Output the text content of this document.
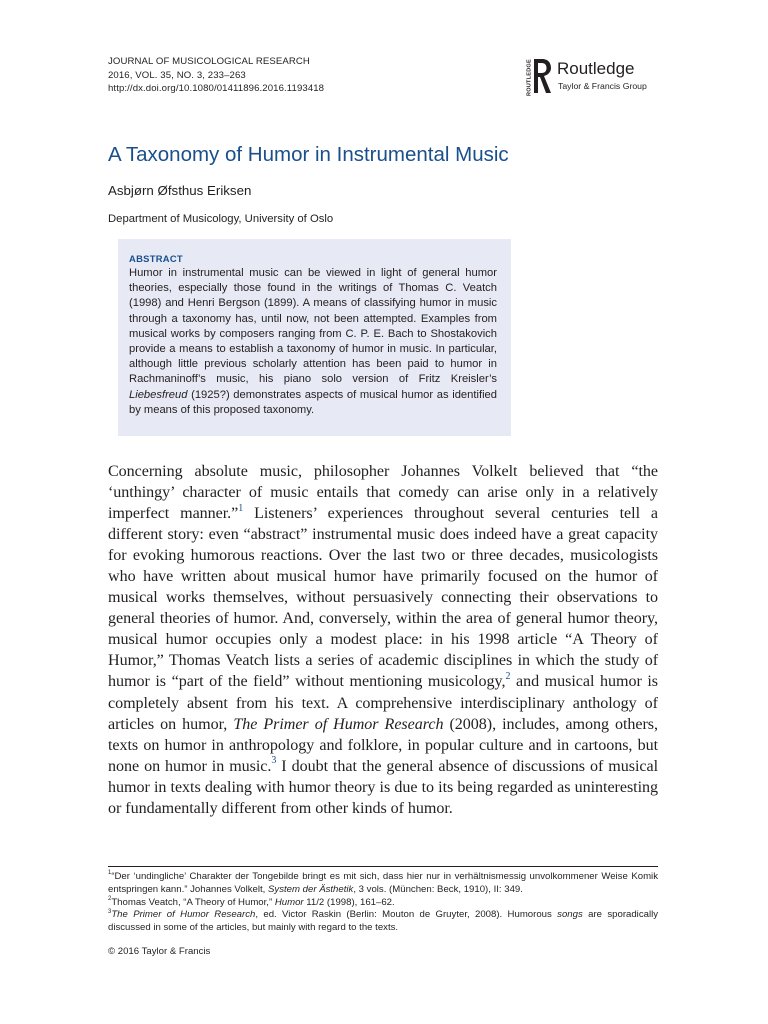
JOURNAL OF MUSICOLOGICAL RESEARCH
2016, VOL. 35, NO. 3, 233–263
http://dx.doi.org/10.1080/01411896.2016.1193418	ROUTLEDGE Routledge
Taylor & Francis Group
A Taxonomy of Humor in Instrumental Music
Asbjørn Øfsthus Eriksen
Department of Musicology, University of Oslo
ABSTRACT

Humor in instrumental music can be viewed in light of general humor theories, especially those found in the writings of Thomas C. Veatch (1998) and Henri Bergson (1899). A means of classifying humor in music through a taxonomy has, until now, not been attempted. Examples from musical works by composers ranging from C. P. E. Bach to Shostakovich provide a means to establish a taxonomy of humor in music. In particular, although little previous scholarly attention has been paid to humor in Rachmaninoff’s music, his piano solo version of Fritz Kreisler’s Liebesfreud (1925?) demonstrates aspects of musical humor as identified by means of this proposed taxonomy.

Concerning absolute music, philosopher Johannes Volkelt believed that “the ‘unthingy’ character of music entails that comedy can arise only in a relatively imperfect manner.”$^1$ Listeners’ experiences throughout several centuries tell a different story: even “abstract” instrumental music does indeed have a great capacity for evoking humorous reactions. Over the last two or three decades, musicologists who have written about musical humor have primarily focused on the humor of musical works themselves, without persuasively connecting their observations to general theories of humor. And, conversely, within the area of general humor theory, musical humor occupies only a modest place: in his 1998 article “A Theory of Humor,” Thomas Veatch lists a series of academic disciplines in which the study of humor is “part of the field” without mentioning musicology,$^2$ and musical humor is completely absent from his text. A comprehensive interdisciplinary anthology of articles on humor, The Primer of Humor Research (2008), includes, among others, texts on humor in anthropology and folklore, in popular culture and in cartoons, but none on humor in music.$^3$ I doubt that the general absence of discussions of musical humor in texts dealing with humor theory is due to its being regarded as uninteresting or fundamentally different from other kinds of humor.

$^1$“Der ‘undingliche’ Charakter der Tongebilde bringt es mit sich, dass hier nur in verhältnismessig unvolkommener Weise Komik entspringen kann.” Johannes Volkelt, System der Ästhetik, 3 vols. (München: Beck, 1910), II: 349.

$^2$Thomas Veatch, “A Theory of Humor,” Humor 11/2 (1998), 161–62.

$^3$The Primer of Humor Research, ed. Victor Raskin (Berlin: Mouton de Gruyter, 2008). Humorous songs are sporadically discussed in some of the articles, but mainly with regard to the texts.

© 2016 Taylor & Francis
